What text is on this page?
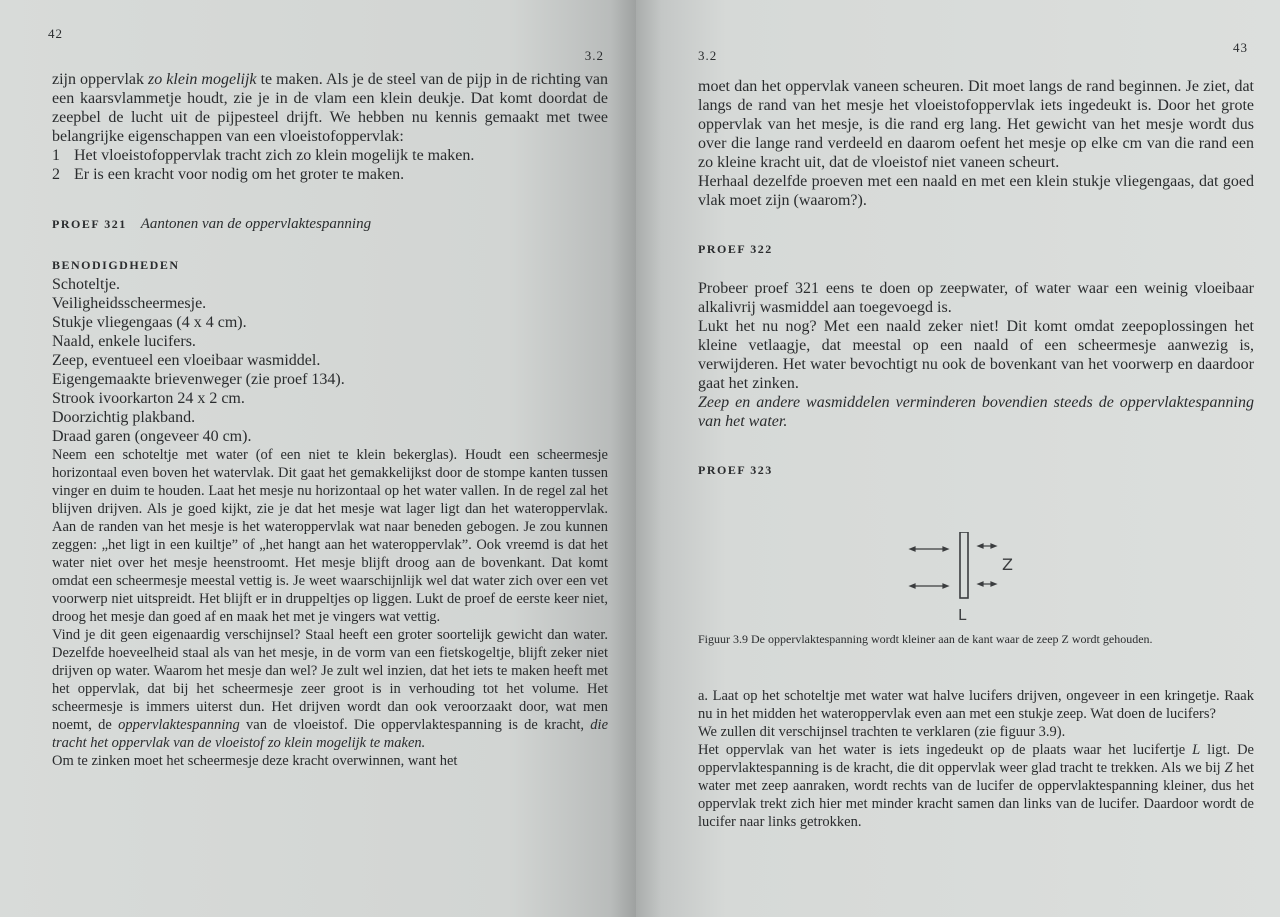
42
3.2

zijn oppervlak zo klein mogelijk te maken. Als je de steel van de pijp in de richting van een kaarsvlammetje houdt, zie je in de vlam een klein deukje. Dat komt doordat de zeepbel de lucht uit de pijpesteel drijft. We hebben nu kennis gemaakt met twee belangrijke eigenschappen van een vloeistofoppervlak:

1 Het vloeistofoppervlak tracht zich zo klein mogelijk te maken.
2 Er is een kracht voor nodig om het groter te maken.
PROEF 321 Aantonen van de oppervlaktespanning
BENODIGDHEDEN

Schoteltje.

Veiligheidsscheermesje.

Stukje vliegengaas (4 x 4 cm).

Naald, enkele lucifers.

Zeep, eventueel een vloeibaar wasmiddel.

Eigengemaakte brievenweger (zie proef 134).

Strook ivoorkarton 24 x 2 cm.

Doorzichtig plakband.

Draad garen (ongeveer 40 cm).

Neem een schoteltje met water (of een niet te klein bekerglas). Houdt een scheermesje horizontaal even boven het watervlak. Dit gaat het gemakkelijkst door de stompe kanten tussen vinger en duim te houden. Laat het mesje nu horizontaal op het water vallen. In de regel zal het blijven drijven. Als je goed kijkt, zie je dat het mesje wat lager ligt dan het wateroppervlak. Aan de randen van het mesje is het wateroppervlak wat naar beneden gebogen. Je zou kunnen zeggen: „het ligt in een kuiltje” of „het hangt aan het wateroppervlak”. Ook vreemd is dat het water niet over het mesje heenstroomt. Het mesje blijft droog aan de bovenkant. Dat komt omdat een scheermesje meestal vettig is. Je weet waarschijnlijk wel dat water zich over een vet voorwerp niet uitspreidt. Het blijft er in druppeltjes op liggen. Lukt de proef de eerste keer niet, droog het mesje dan goed af en maak het met je vingers wat vettig.

Vind je dit geen eigenaardig verschijnsel? Staal heeft een groter soortelijk gewicht dan water. Dezelfde hoeveelheid staal als van het mesje, in de vorm van een fietskogeltje, blijft zeker niet drijven op water. Waarom het mesje dan wel? Je zult wel inzien, dat het iets te maken heeft met het oppervlak, dat bij het scheermesje zeer groot is in verhouding tot het volume. Het scheermesje is immers uiterst dun. Het drijven wordt dan ook veroorzaakt door, wat men noemt, de oppervlaktespanning van de vloeistof. Die oppervlaktespanning is de kracht, die tracht het oppervlak van de vloeistof zo klein mogelijk te maken.

Om te zinken moet het scheermesje deze kracht overwinnen, want het

3.2
43

moet dan het oppervlak vaneen scheuren. Dit moet langs de rand beginnen. Je ziet, dat langs de rand van het mesje het vloeistofoppervlak iets ingedeukt is. Door het grote oppervlak van het mesje, is die rand erg lang. Het gewicht van het mesje wordt dus over die lange rand verdeeld en daarom oefent het mesje op elke cm van die rand een zo kleine kracht uit, dat de vloeistof niet vaneen scheurt.

Herhaal dezelfde proeven met een naald en met een klein stukje vliegengaas, dat goed vlak moet zijn (waarom?).

PROEF 322

Probeer proef 321 eens te doen op zeepwater, of water waar een weinig vloeibaar alkalivrij wasmiddel aan toegevoegd is.

Lukt het nu nog? Met een naald zeker niet! Dit komt omdat zeepoplossingen het kleine vetlaagje, dat meestal op een naald of een scheermesje aanwezig is, verwijderen. Het water bevochtigt nu ook de bovenkant van het voorwerp en daardoor gaat het zinken.

Zeep en andere wasmiddelen verminderen bovendien steeds de oppervlaktespanning van het water.

PROEF 323
Z
L

Figuur 3.9 De oppervlaktespanning wordt kleiner aan de kant waar de zeep Z wordt gehouden.

a. Laat op het schoteltje met water wat halve lucifers drijven, ongeveer in een kringetje. Raak nu in het midden het wateroppervlak even aan met een stukje zeep. Wat doen de lucifers?

We zullen dit verschijnsel trachten te verklaren (zie figuur 3.9).

Het oppervlak van het water is iets ingedeukt op de plaats waar het lucifertje L ligt. De oppervlaktespanning is de kracht, die dit oppervlak weer glad tracht te trekken. Als we bij Z het water met zeep aanraken, wordt rechts van de lucifer de oppervlaktespanning kleiner, dus het oppervlak trekt zich hier met minder kracht samen dan links van de lucifer. Daardoor wordt de lucifer naar links getrokken.
